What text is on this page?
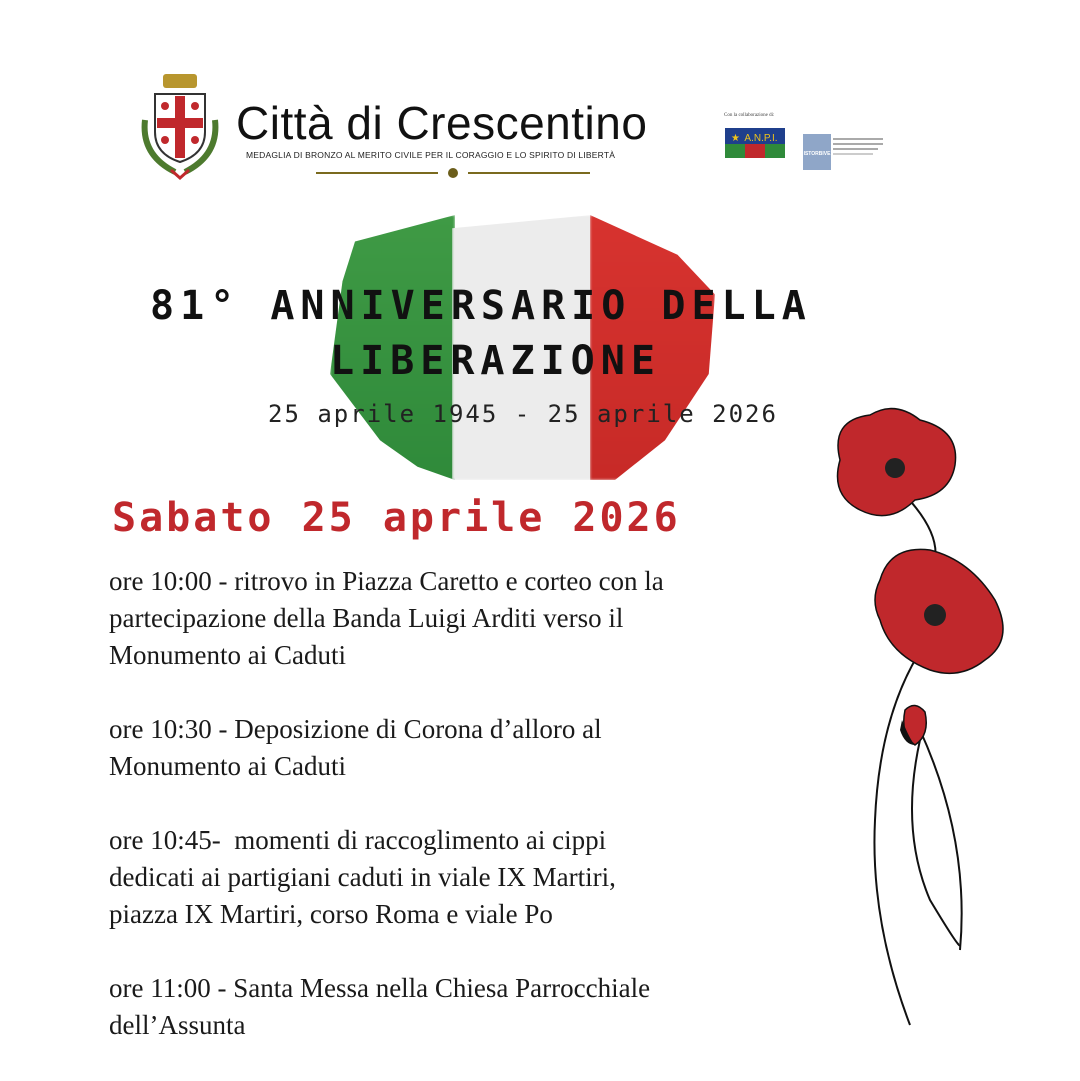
Città di Crescentino
MEDAGLIA DI BRONZO AL MERITO CIVILE PER IL CORAGGIO E LO SPIRITO DI LIBERTÀ
Con la collaborazione di:
★ A.N.P.I.
ISTORBIVE
81° ANNIVERSARIO DELLA
LIBERAZIONE
25 aprile 1945 - 25 aprile 2026
Sabato 25 aprile 2026
ore 10:00 - ritrovo in Piazza Caretto e corteo con la
partecipazione della Banda Luigi Arditi verso il
Monumento ai Caduti
ore 10:30 - Deposizione di Corona d’alloro al
Monumento ai Caduti
ore 10:45-  momenti di raccoglimento ai cippi
dedicati ai partigiani caduti in viale IX Martiri,
piazza IX Martiri, corso Roma e viale Po
ore 11:00 - Santa Messa nella Chiesa Parrocchiale
dell’Assunta
